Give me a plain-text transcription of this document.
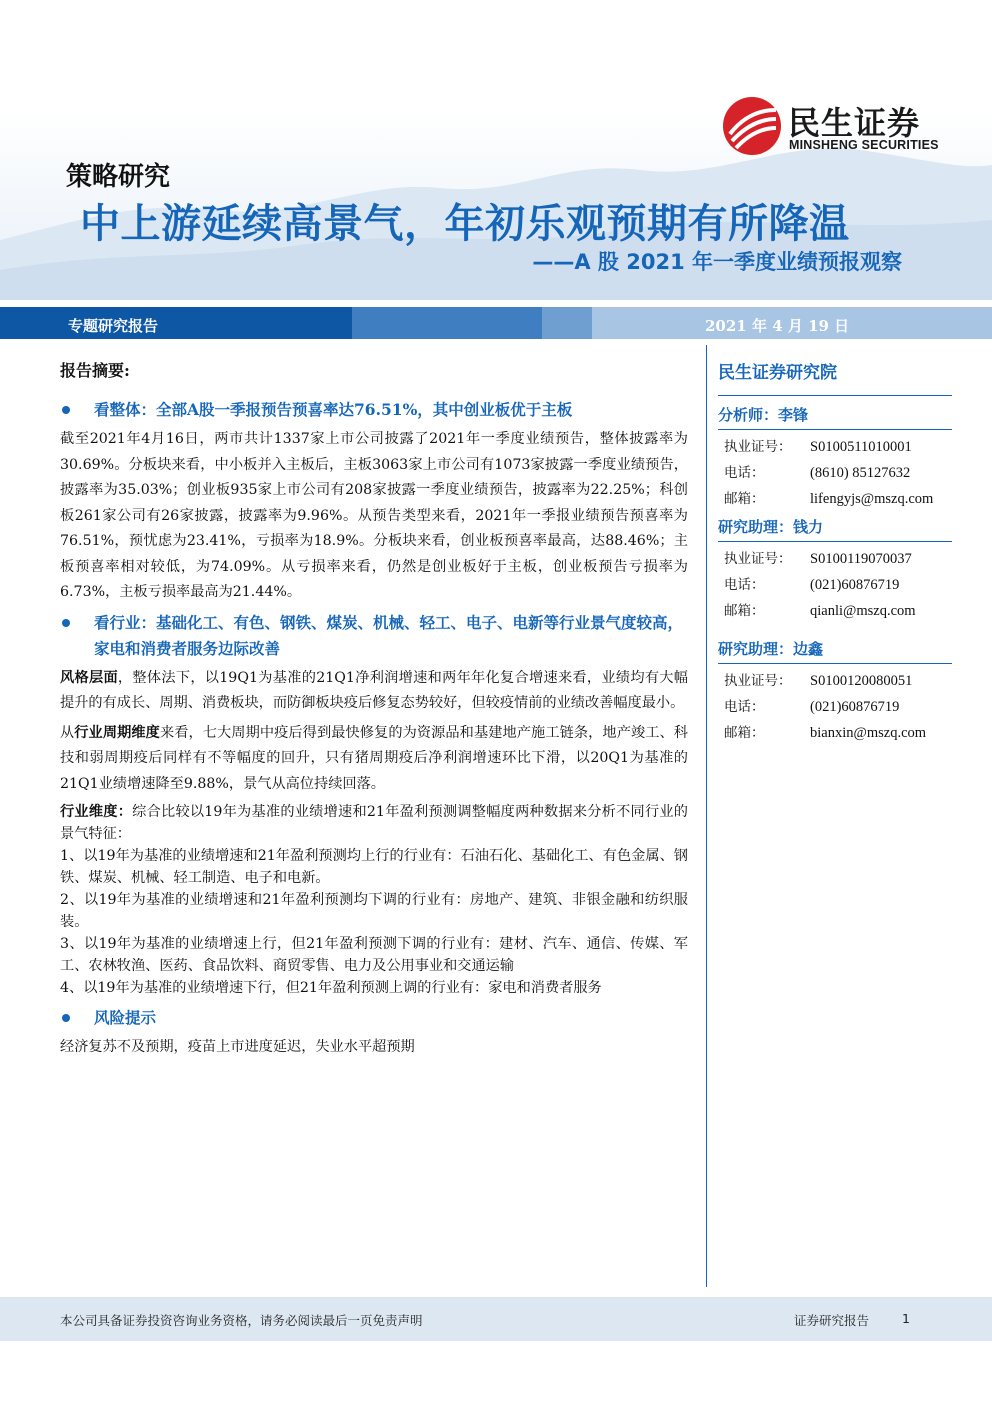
民生证券
MINSHENG SECURITIES
策略研究
中上游延续高景气，年初乐观预期有所降温
——A 股 2021 年一季度业绩预报观察
专题研究报告	2021 年 4 月 19 日
报告摘要:
看整体：全部A股一季报预告预喜率达76.51%，其中创业板优于主板

截至2021年4月16日，两市共计1337家上市公司披露了2021年一季度业绩预告，整体披露率为30.69%。分板块来看，中小板并入主板后，主板3063家上市公司有1073家披露一季度业绩预告，披露率为35.03%；创业板935家上市公司有208家披露一季度业绩预告，披露率为22.25%；科创板261家公司有26家披露，披露率为9.96%。从预告类型来看，2021年一季报业绩预告预喜率为76.51%，预忧虑为23.41%，亏损率为18.9%。分板块来看，创业板预喜率最高，达88.46%；主板预喜率相对较低，为74.09%。从亏损率来看，仍然是创业板好于主板，创业板预告亏损率为6.73%，主板亏损率最高为21.44%。

看行业：基础化工、有色、钢铁、煤炭、机械、轻工、电子、电新等行业景气度较高，家电和消费者服务边际改善

风格层面，整体法下，以19Q1为基准的21Q1净利润增速和两年年化复合增速来看，业绩均有大幅提升的有成长、周期、消费板块，而防御板块疫后修复态势较好，但较疫情前的业绩改善幅度最小。

从行业周期维度来看，七大周期中疫后得到最快修复的为资源品和基建地产施工链条，地产竣工、科技和弱周期疫后同样有不等幅度的回升，只有猪周期疫后净利润增速环比下滑，以20Q1为基准的21Q1业绩增速降至9.88%，景气从高位持续回落。

行业维度：综合比较以19年为基准的业绩增速和21年盈利预测调整幅度两种数据来分析不同行业的景气特征：

1、以19年为基准的业绩增速和21年盈利预测均上行的行业有：石油石化、基础化工、有色金属、钢铁、煤炭、机械、轻工制造、电子和电新。

2、以19年为基准的业绩增速和21年盈利预测均下调的行业有：房地产、建筑、非银金融和纺织服装。

3、以19年为基准的业绩增速上行，但21年盈利预测下调的行业有：建材、汽车、通信、传媒、军工、农林牧渔、医药、食品饮料、商贸零售、电力及公用事业和交通运输

4、以19年为基准的业绩增速下行，但21年盈利预测上调的行业有：家电和消费者服务

风险提示

经济复苏不及预期，疫苗上市进度延迟，失业水平超预期

民生证券研究院
分析师：李锋
执业证号：	S0100511010001
电话：	(8610) 85127632
邮箱：	lifengyjs@mszq.com
研究助理：钱力
执业证号：	S0100119070037
电话：	(021)60876719
邮箱：	qianli@mszq.com
研究助理：边鑫
执业证号：	S0100120080051
电话：	(021)60876719
邮箱：	bianxin@mszq.com
本公司具备证券投资咨询业务资格，请务必阅读最后一页免责声明	证券研究报告	1
